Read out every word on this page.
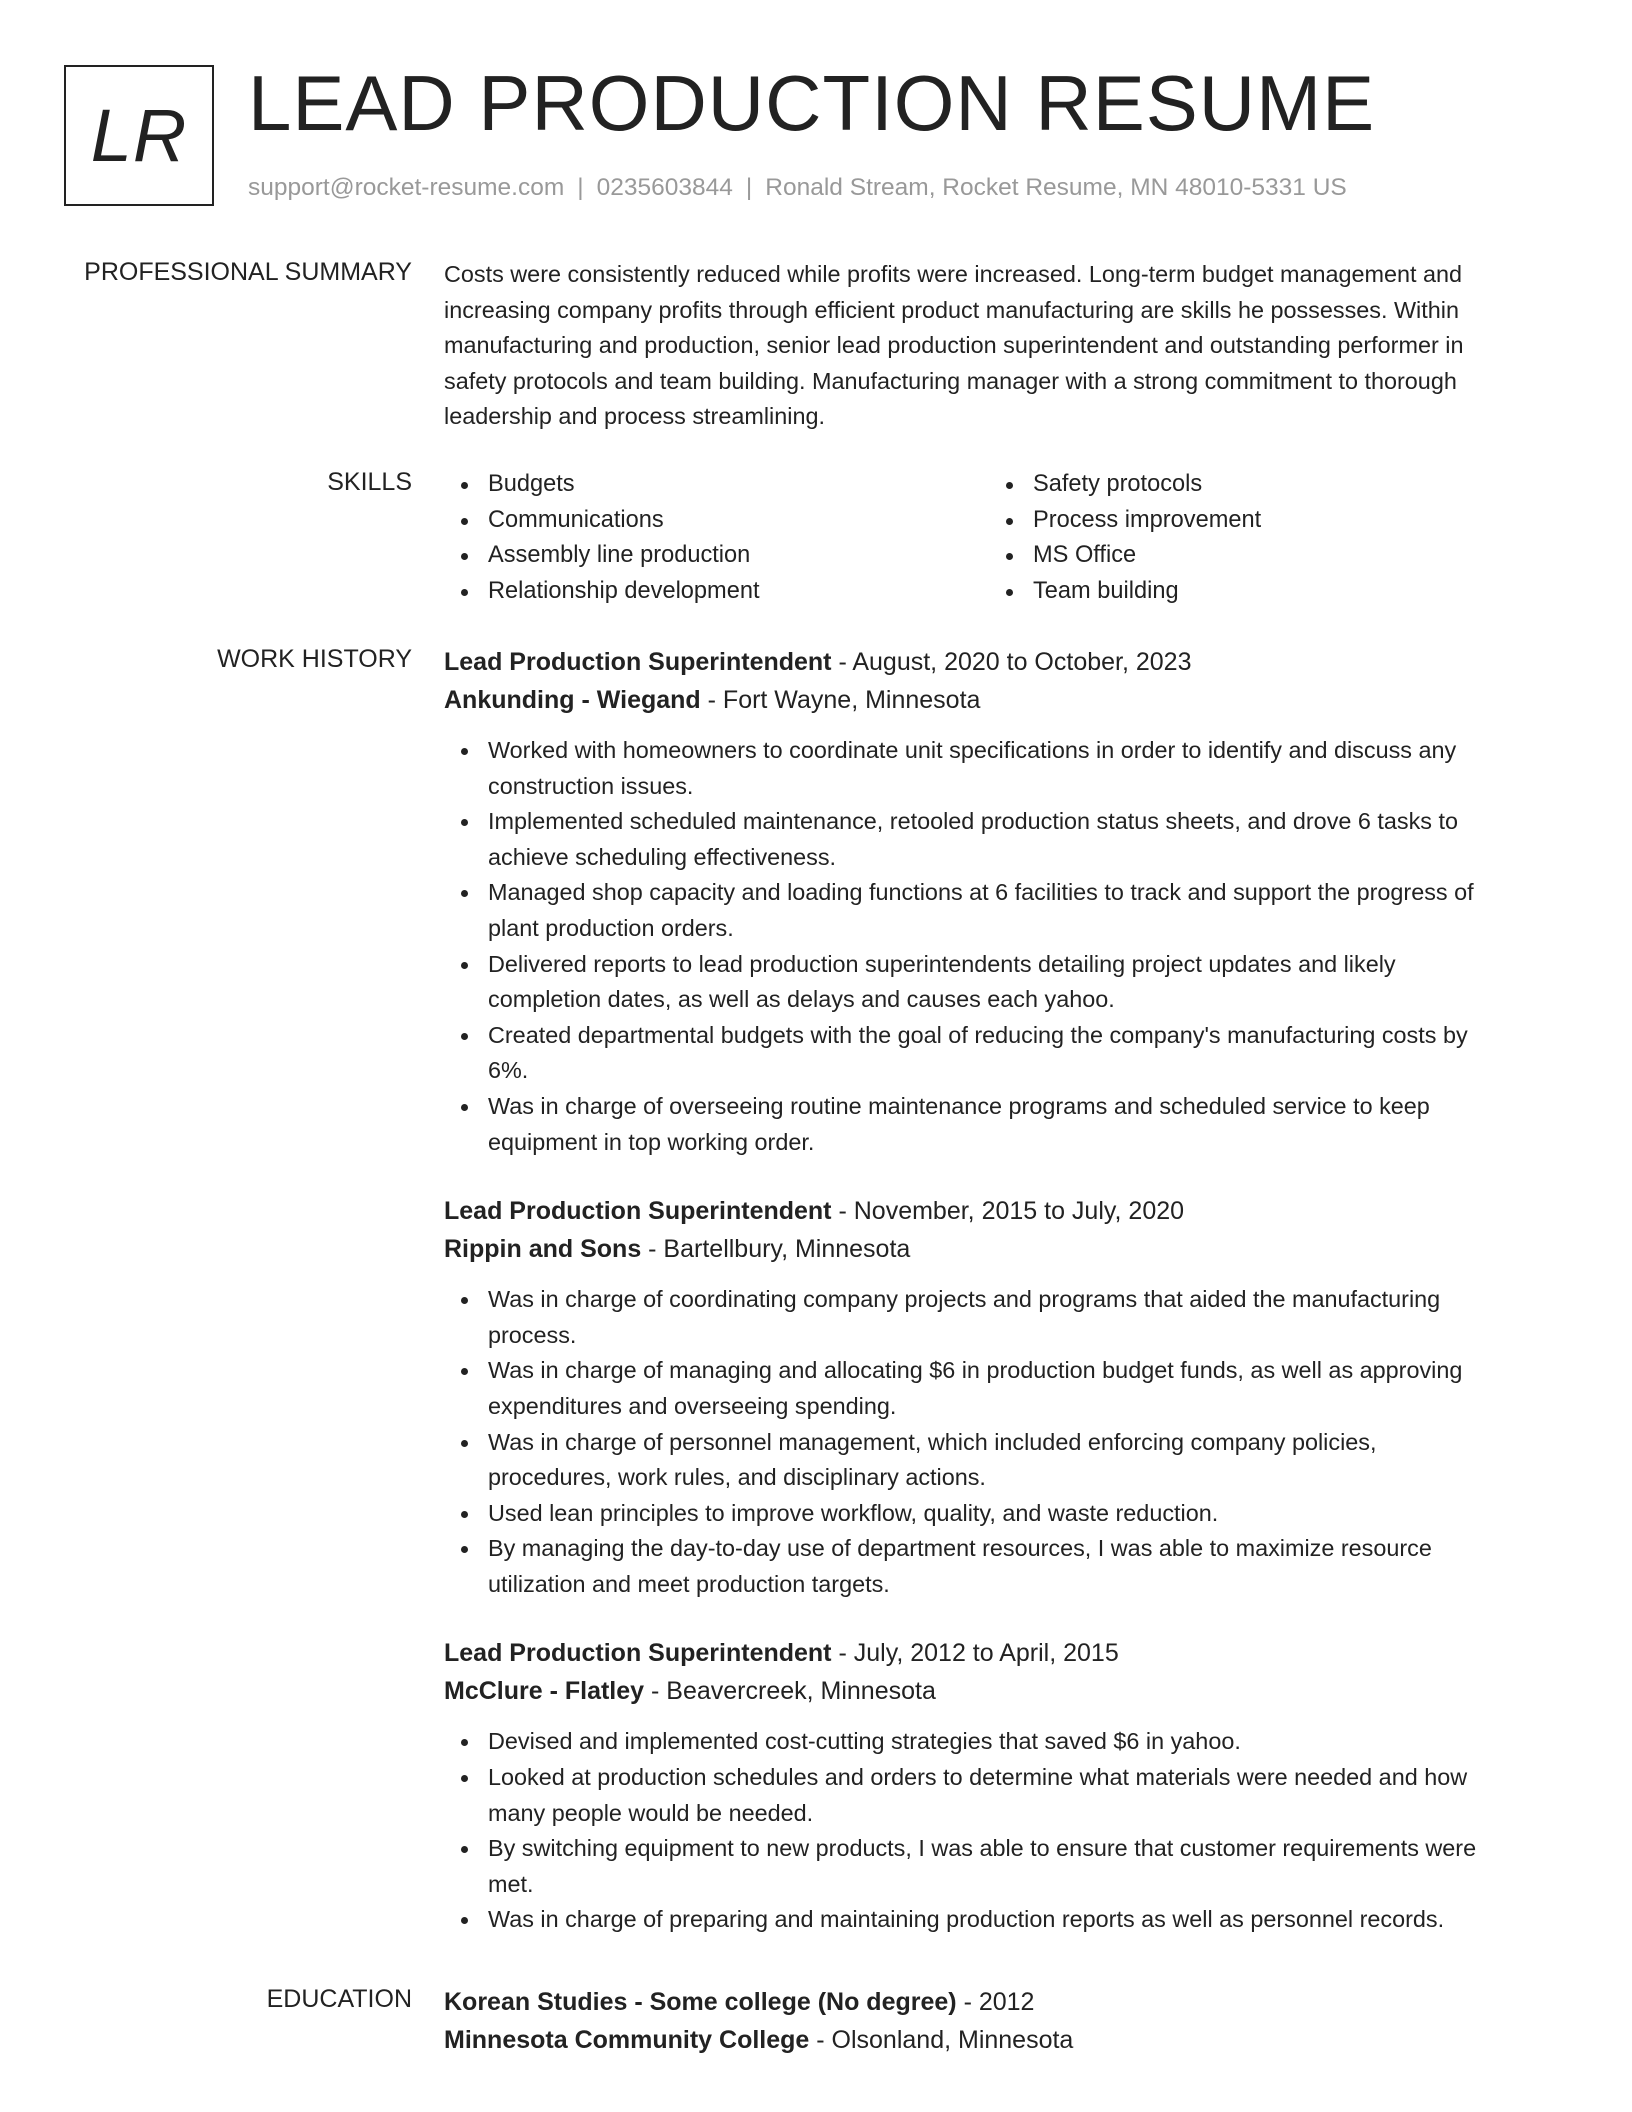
LR LEAD PRODUCTION RESUME
support@rocket-resume.com | 0235603844 | Ronald Stream, Rocket Resume, MN 48010-5331 US
PROFESSIONAL SUMMARY Costs were consistently reduced while profits were increased. Long-term budget management and

increasing company profits through efficient product manufacturing are skills he possesses. Within

manufacturing and production, senior lead production superintendent and outstanding performer in

safety protocols and team building. Manufacturing manager with a strong commitment to thorough

leadership and process streamlining.

SKILLS	Budgets
Communications
Assembly line production
Relationship development
Safety protocols
Process improvement
MS Office
Team building
WORK HISTORY Lead Production Superintendent - August, 2020 to October, 2023
Ankunding - Wiegand - Fort Wayne, Minnesota
Worked with homeowners to coordinate unit specifications in order to identify and discuss any
construction issues.
Implemented scheduled maintenance, retooled production status sheets, and drove 6 tasks to
achieve scheduling effectiveness.
Managed shop capacity and loading functions at 6 facilities to track and support the progress of
plant production orders.
Delivered reports to lead production superintendents detailing project updates and likely
completion dates, as well as delays and causes each yahoo.
Created departmental budgets with the goal of reducing the company's manufacturing costs by
6%.
Was in charge of overseeing routine maintenance programs and scheduled service to keep
equipment in top working order.
Lead Production Superintendent - November, 2015 to July, 2020
Rippin and Sons - Bartellbury, Minnesota
Was in charge of coordinating company projects and programs that aided the manufacturing
process.
Was in charge of managing and allocating $6 in production budget funds, as well as approving
expenditures and overseeing spending.
Was in charge of personnel management, which included enforcing company policies,
procedures, work rules, and disciplinary actions.
Used lean principles to improve workflow, quality, and waste reduction.
By managing the day-to-day use of department resources, I was able to maximize resource
utilization and meet production targets.
Lead Production Superintendent - July, 2012 to April, 2015
McClure - Flatley - Beavercreek, Minnesota
Devised and implemented cost-cutting strategies that saved $6 in yahoo.
Looked at production schedules and orders to determine what materials were needed and how
many people would be needed.
By switching equipment to new products, I was able to ensure that customer requirements were
met.
Was in charge of preparing and maintaining production reports as well as personnel records.
EDUCATION Korean Studies - Some college (No degree) - 2012
Minnesota Community College - Olsonland, Minnesota
